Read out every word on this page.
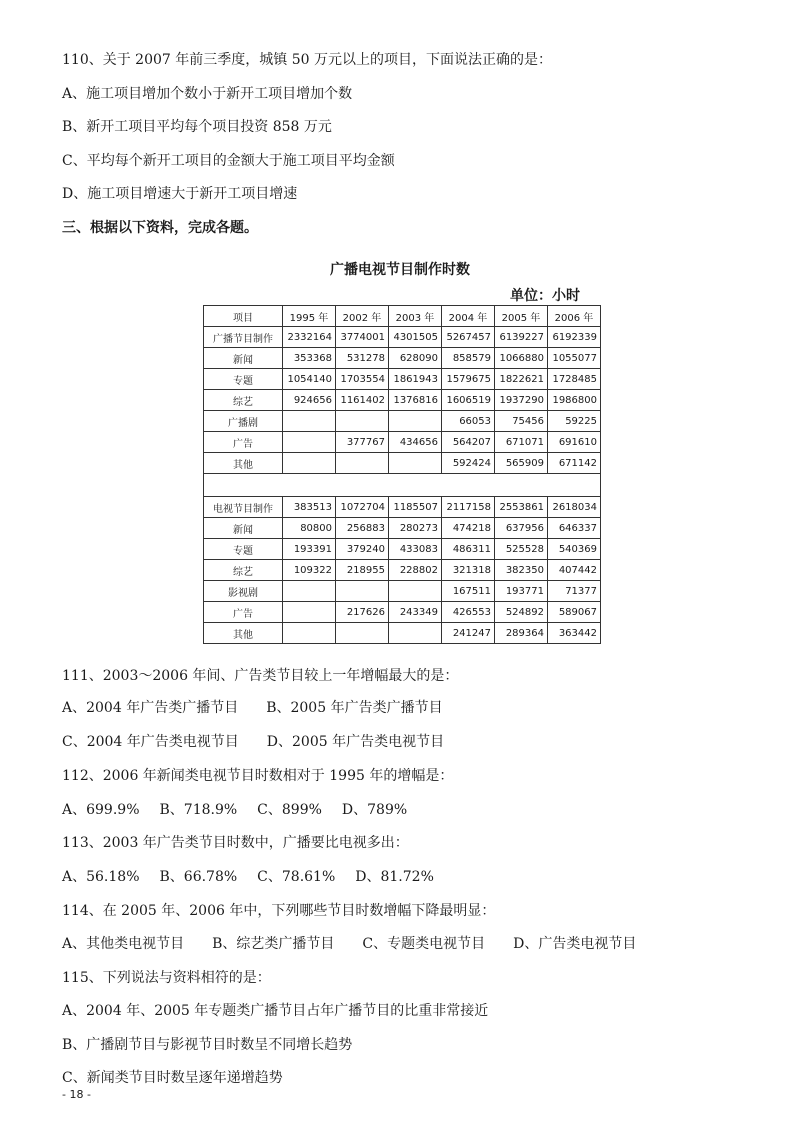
110、关于 2007 年前三季度，城镇 50 万元以上的项目，下面说法正确的是：
A、施工项目增加个数小于新开工项目增加个数
B、新开工项目平均每个项目投资 858 万元
C、平均每个新开工项目的金额大于施工项目平均金额
D、施工项目增速大于新开工项目增速
三、根据以下资料，完成各题。
广播电视节目制作时数
单位：小时
项目	1995 年	2002 年	2003 年	2004 年	2005 年	2006 年
广播节目制作	2332164	3774001	4301505	5267457	6139227	6192339
新闻	353368	531278	628090	858579	1066880	1055077
专题	1054140	1703554	1861943	1579675	1822621	1728485
综艺	924656	1161402	1376816	1606519	1937290	1986800
广播剧				66053	75456	59225
广告		377767	434656	564207	671071	691610
其他				592424	565909	671142

电视节目制作	383513	1072704	1185507	2117158	2553861	2618034
新闻	80800	256883	280273	474218	637956	646337
专题	193391	379240	433083	486311	525528	540369
综艺	109322	218955	228802	321318	382350	407442
影视剧				167511	193771	71377
广告		217626	243349	426553	524892	589067
其他				241247	289364	363442
111、2003～2006 年间、广告类节目较上一年增幅最大的是：
A、2004 年广告类广播节目 B、2005 年广告类广播节目
C、2004 年广告类电视节目 D、2005 年广告类电视节目
112、2006 年新闻类电视节目时数相对于 1995 年的增幅是：
A、699.9% B、718.9% C、899% D、789%
113、2003 年广告类节目时数中，广播要比电视多出：
A、56.18% B、66.78% C、78.61% D、81.72%
114、在 2005 年、2006 年中，下列哪些节目时数增幅下降最明显：
A、其他类电视节目 B、综艺类广播节目 C、专题类电视节目 D、广告类电视节目
115、下列说法与资料相符的是：
A、2004 年、2005 年专题类广播节目占年广播节目的比重非常接近
B、广播剧节目与影视节目时数呈不同增长趋势
C、新闻类节目时数呈逐年递增趋势
- 18 -
